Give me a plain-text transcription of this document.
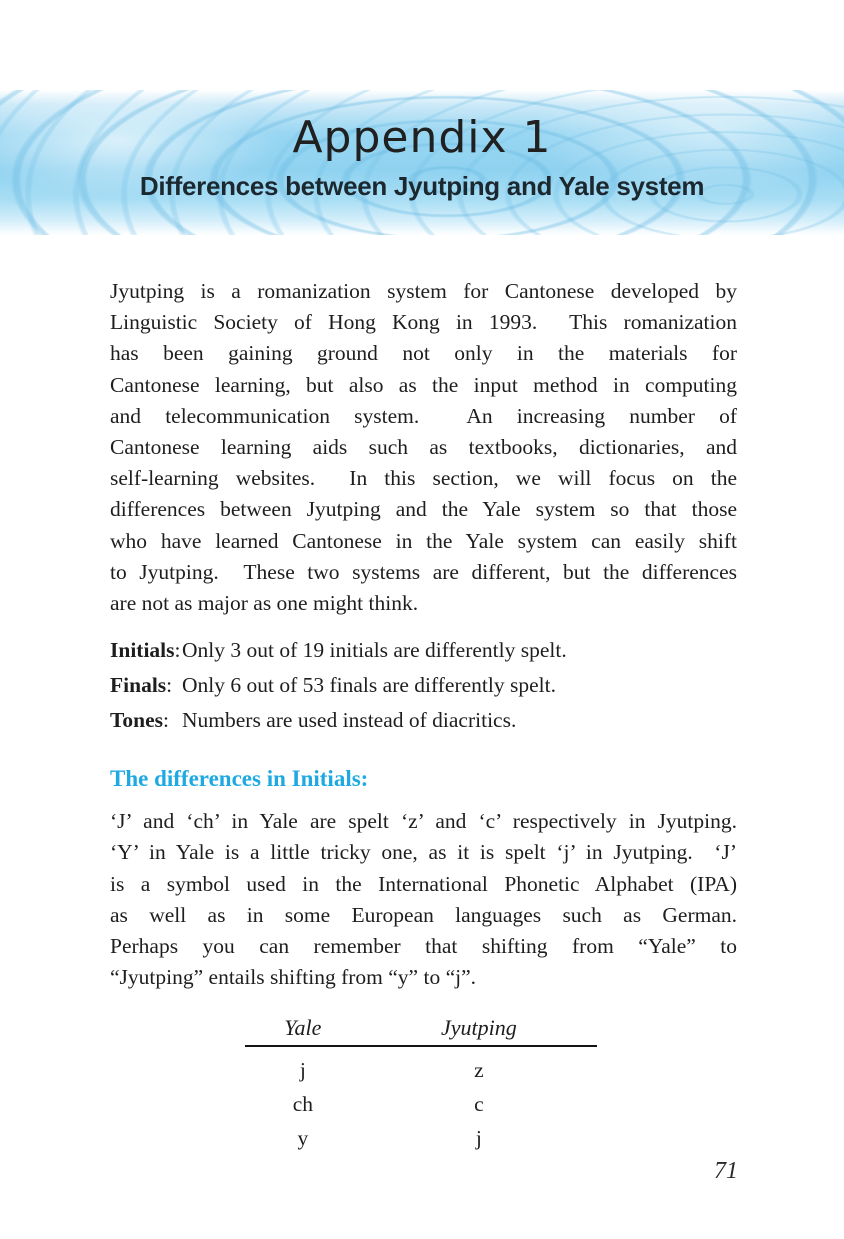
Appendix 1
Differences between Jyutping and Yale system
Jyutping is a romanization system for Cantonese developed by
Linguistic Society of Hong Kong in 1993.  This romanization
has been gaining ground not only in the materials for
Cantonese learning, but also as the input method in computing
and telecommunication system.  An increasing number of
Cantonese learning aids such as textbooks, dictionaries, and
self-learning websites.  In this section, we will focus on the
differences between Jyutping and the Yale system so that those
who have learned Cantonese in the Yale system can easily shift
to Jyutping.  These two systems are different, but the differences
are not as major as one might think.
Initials: Only 3 out of 19 initials are differently spelt.
Finals: Only 6 out of 53 finals are differently spelt.
Tones: Numbers are used instead of diacritics.
The differences in Initials:
‘J’ and ‘ch’ in Yale are spelt ‘z’ and ‘c’ respectively in Jyutping.
‘Y’ in Yale is a little tricky one, as it is spelt ‘j’ in Jyutping.  ‘J’
is a symbol used in the International Phonetic Alphabet (IPA)
as well as in some European languages such as German.
Perhaps you can remember that shifting from “Yale” to
“Jyutping” entails shifting from “y” to “j”.
Yale	Jyutping
j	z
ch	c
y	j
71
